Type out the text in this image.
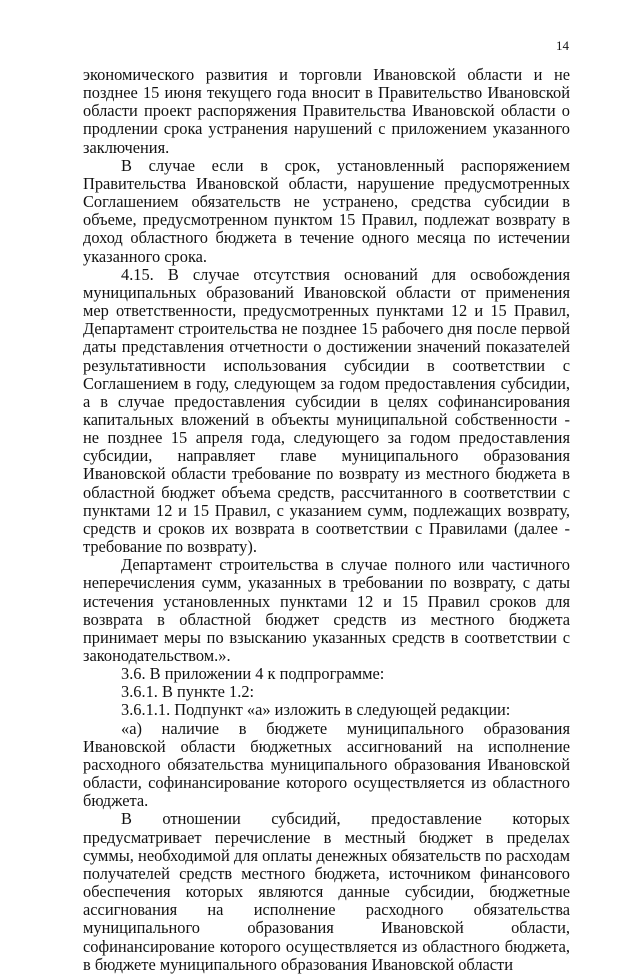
14

экономического развития и торговли Ивановской области и не позднее 15 июня текущего года вносит в Правительство Ивановской области проект распоряжения Правительства Ивановской области о продлении срока устранения нарушений с приложением указанного заключения.

В случае если в срок, установленный распоряжением Правительства Ивановской области, нарушение предусмотренных Соглашением обязательств не устранено, средства субсидии в объеме, предусмотренном пунктом 15 Правил, подлежат возврату в доход областного бюджета в течение одного месяца по истечении указанного срока.

4.15. В случае отсутствия оснований для освобождения муниципальных образований Ивановской области от применения мер ответственности, предусмотренных пунктами 12 и 15 Правил, Департамент строительства не позднее 15 рабочего дня после первой даты представления отчетности о достижении значений показателей результативности использования субсидии в соответствии с Соглашением в году, следующем за годом предоставления субсидии, а в случае предоставления субсидии в целях софинансирования капитальных вложений в объекты муниципальной собственности - не позднее 15 апреля года, следующего за годом предоставления субсидии, направляет главе муниципального образования Ивановской области требование по возврату из местного бюджета в областной бюджет объема средств, рассчитанного в соответствии с пунктами 12 и 15 Правил, с указанием сумм, подлежащих возврату, средств и сроков их возврата в соответствии с Правилами (далее - требование по возврату).

Департамент строительства в случае полного или частичного неперечисления сумм, указанных в требовании по возврату, с даты истечения установленных пунктами 12 и 15 Правил сроков для возврата в областной бюджет средств из местного бюджета принимает меры по взысканию указанных средств в соответствии с законодательством.».

3.6. В приложении 4 к подпрограмме:

3.6.1. В пункте 1.2:

3.6.1.1. Подпункт «а» изложить в следующей редакции:

«а) наличие в бюджете муниципального образования Ивановской области бюджетных ассигнований на исполнение расходного обязательства муниципального образования Ивановской области, софинансирование которого осуществляется из областного бюджета.

В отношении субсидий, предоставление которых предусматривает перечисление в местный бюджет в пределах суммы, необходимой для оплаты денежных обязательств по расходам получателей средств местного бюджета, источником финансового обеспечения которых являются данные субсидии, бюджетные ассигнования на исполнение расходного обязательства муниципального образования Ивановской области, софинансирование которого осуществляется из областного бюджета, в бюджете муниципального образования Ивановской области
